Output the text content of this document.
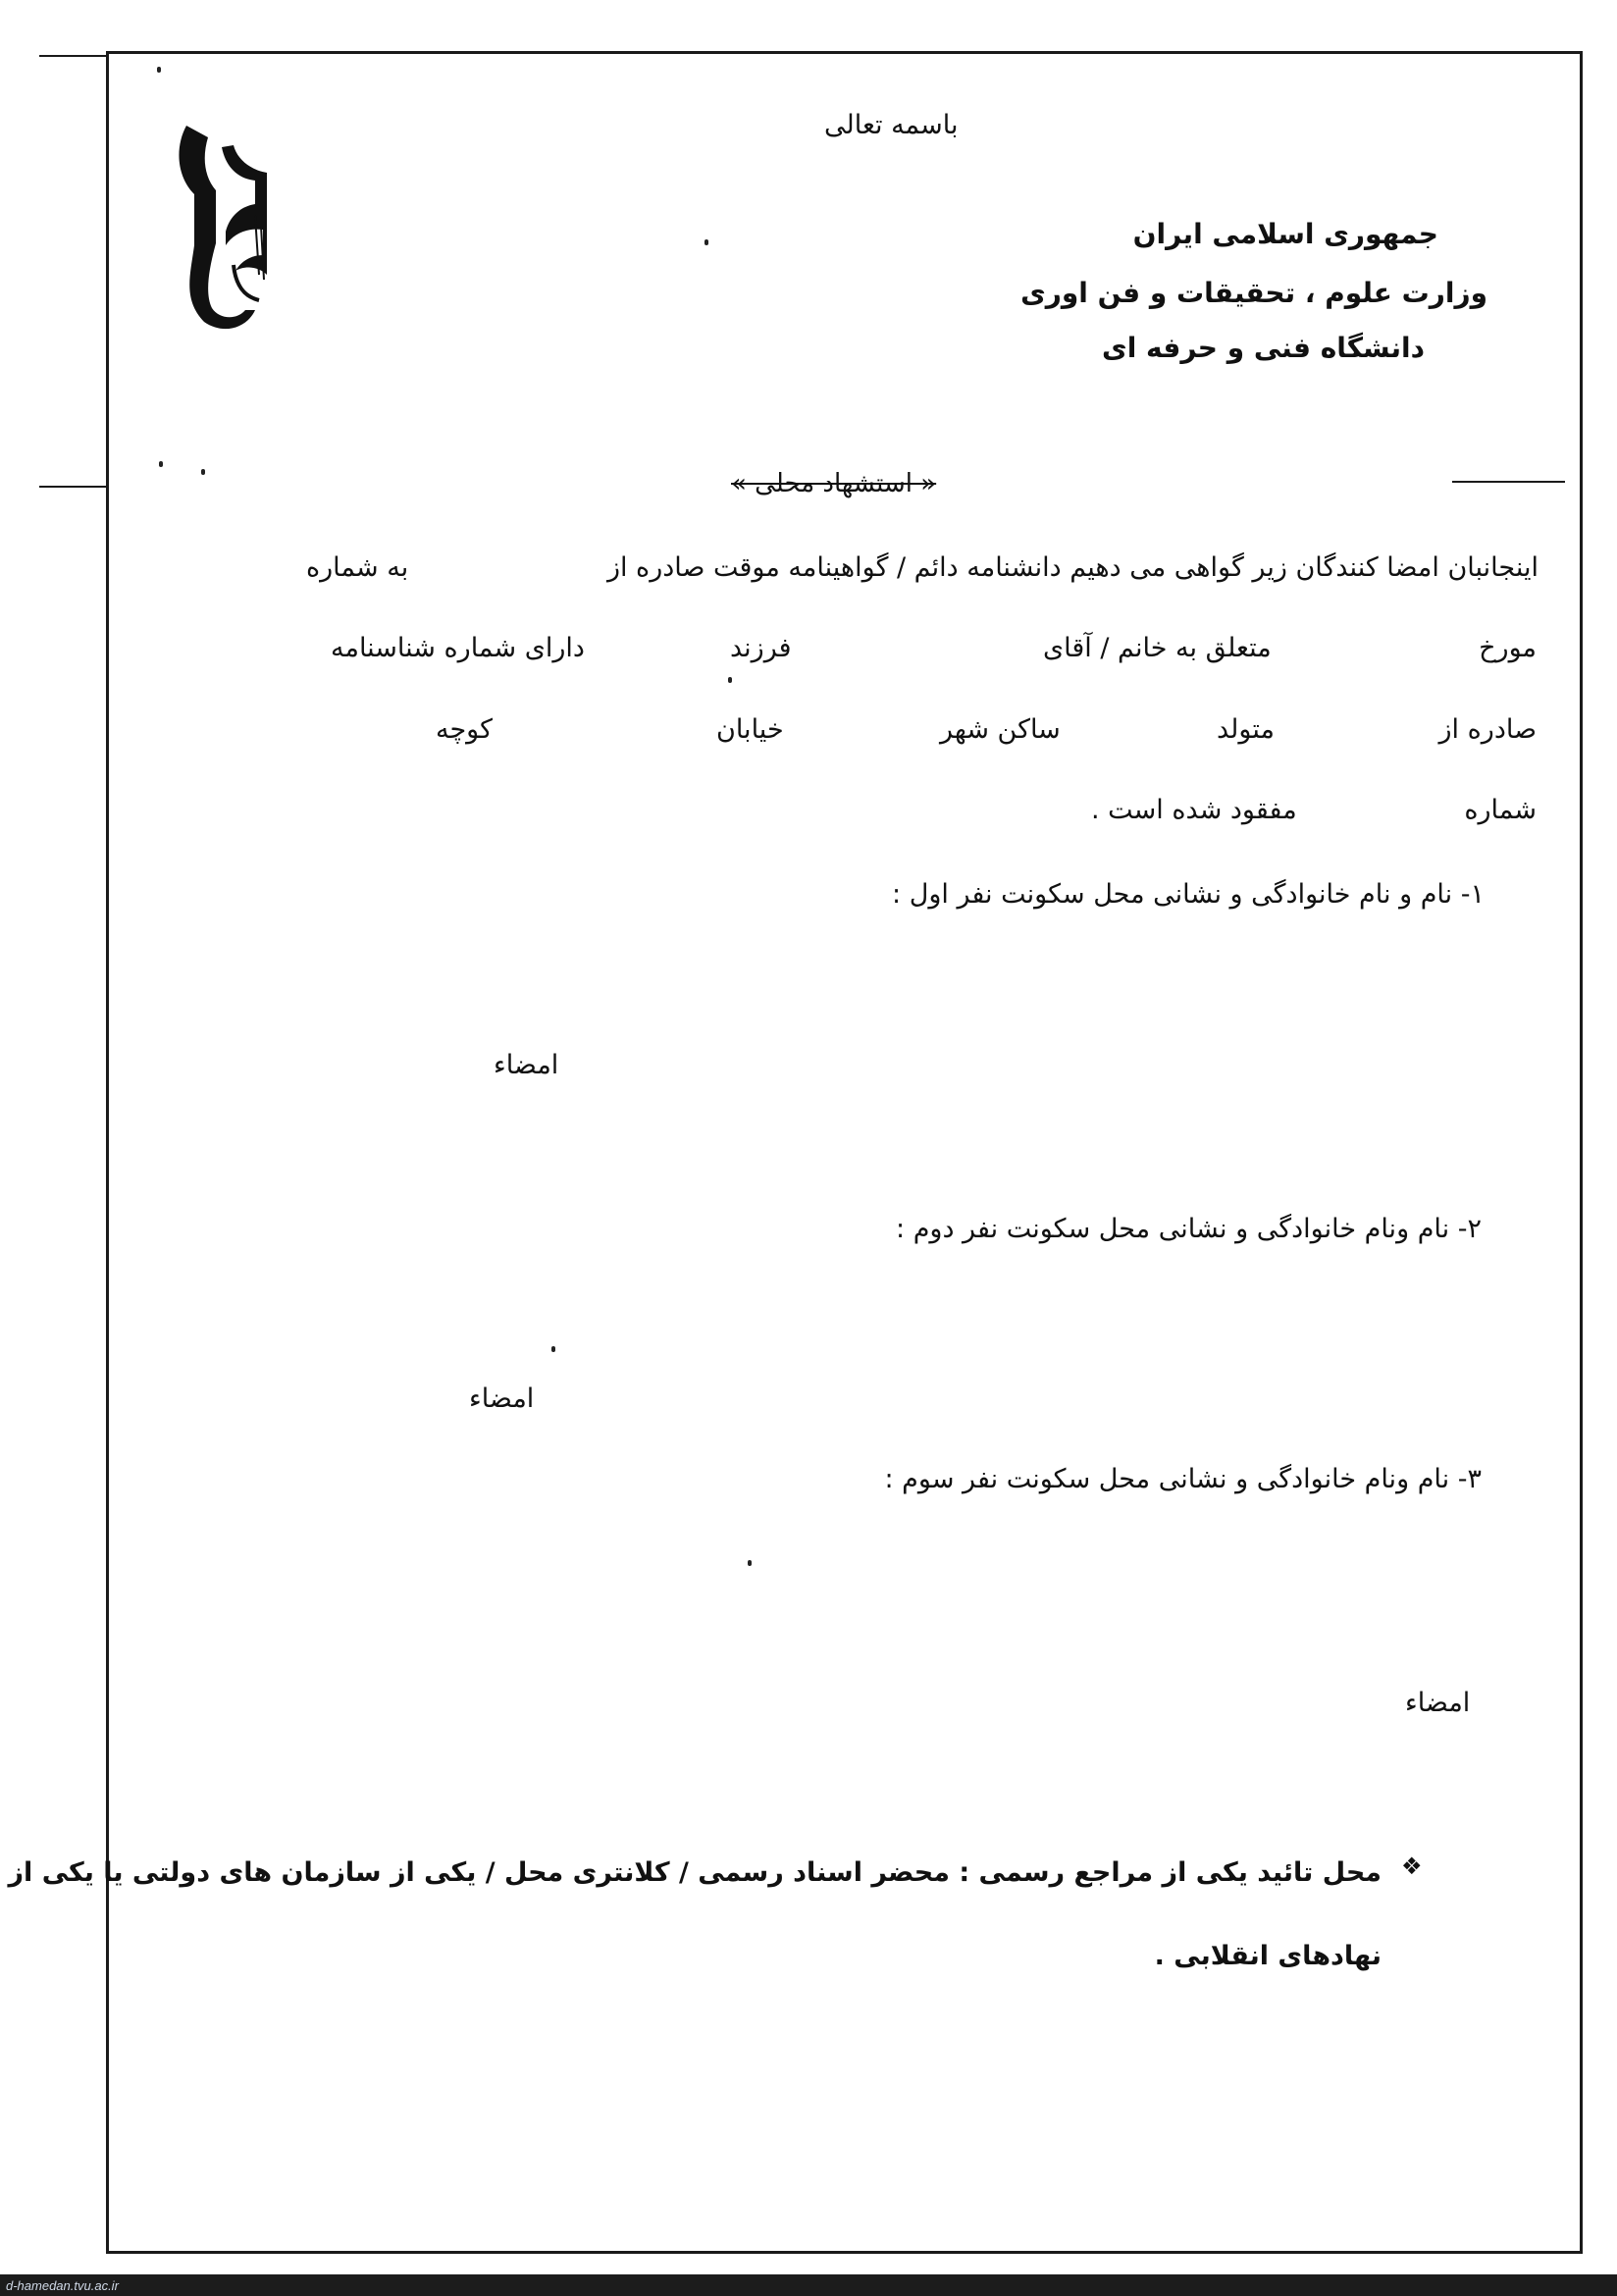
باسمه تعالی
جمهوری اسلامی ایران
وزارت علوم ، تحقیقات و فن اوری
دانشگاه فنی و حرفه ای
« استشهاد محلی »
اینجانبان امضا کنندگان زیر گواهی می دهیم دانشنامه دائم / گواهینامه موقت صادره از
به شماره
مورخ
متعلق به خانم / آقای
فرزند
دارای شماره شناسنامه
صادره از
متولد
ساکن شهر
خیابان
کوچه
شماره
مفقود شده است .
۱- نام و نام خانوادگی و نشانی محل سکونت نفر اول :
امضاء
۲- نام ونام خانوادگی و نشانی محل سکونت نفر دوم :
امضاء
۳- نام ونام خانوادگی و نشانی محل سکونت نفر سوم :
امضاء
❖
محل تائید یکی از مراجع رسمی : محضر اسناد رسمی / کلانتری محل / یکی از سازمان های دولتی یا یکی از
نهادهای انقلابی .
d-hamedan.tvu.ac.ir
